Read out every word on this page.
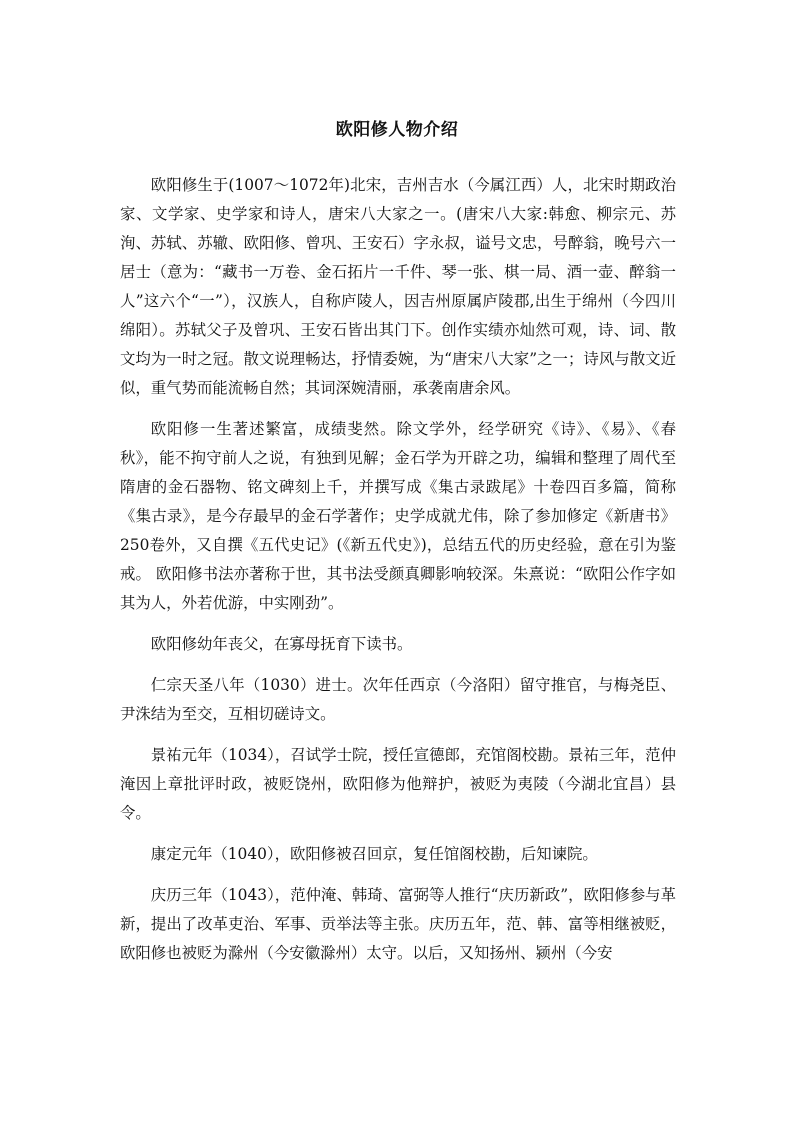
欧阳修人物介绍

欧阳修生于(1007～1072年)北宋，吉州吉水（今属江西）人，北宋时期政治家、文学家、史学家和诗人，唐宋八大家之一。(唐宋八大家:韩愈、柳宗元、苏洵、苏轼、苏辙、欧阳修、曾巩、王安石）字永叔，谥号文忠，号醉翁，晚号六一居士（意为：“藏书一万卷、金石拓片一千件、琴一张、棋一局、酒一壶、醉翁一人”这六个“一”），汉族人，自称庐陵人，因吉州原属庐陵郡,出生于绵州（今四川绵阳）。苏轼父子及曾巩、王安石皆出其门下。创作实绩亦灿然可观，诗、词、散文均为一时之冠。散文说理畅达，抒情委婉，为“唐宋八大家”之一；诗风与散文近似，重气势而能流畅自然；其词深婉清丽，承袭南唐余风。

欧阳修一生著述繁富，成绩斐然。除文学外，经学研究《诗》、《易》、《春秋》，能不拘守前人之说，有独到见解；金石学为开辟之功，编辑和整理了周代至隋唐的金石器物、铭文碑刻上千，并撰写成《集古录跋尾》十卷四百多篇，简称《集古录》，是今存最早的金石学著作；史学成就尤伟，除了参加修定《新唐书》250卷外，又自撰《五代史记》(《新五代史》)，总结五代的历史经验，意在引为鉴戒。 欧阳修书法亦著称于世，其书法受颜真卿影响较深。朱熹说：“欧阳公作字如其为人，外若优游，中实刚劲”。

欧阳修幼年丧父，在寡母抚育下读书。

仁宗天圣八年（1030）进士。次年任西京（今洛阳）留守推官，与梅尧臣、尹洙结为至交，互相切磋诗文。

景祐元年（1034），召试学士院，授任宣德郎，充馆阁校勘。景祐三年，范仲淹因上章批评时政，被贬饶州，欧阳修为他辩护，被贬为夷陵（今湖北宜昌）县令。

康定元年（1040），欧阳修被召回京，复任馆阁校勘，后知谏院。

庆历三年（1043），范仲淹、韩琦、富弼等人推行“庆历新政”，欧阳修参与革新，提出了改革吏治、军事、贡举法等主张。庆历五年，范、韩、富等相继被贬，欧阳修也被贬为滁州（今安徽滁州）太守。以后，又知扬州、颍州（今安
